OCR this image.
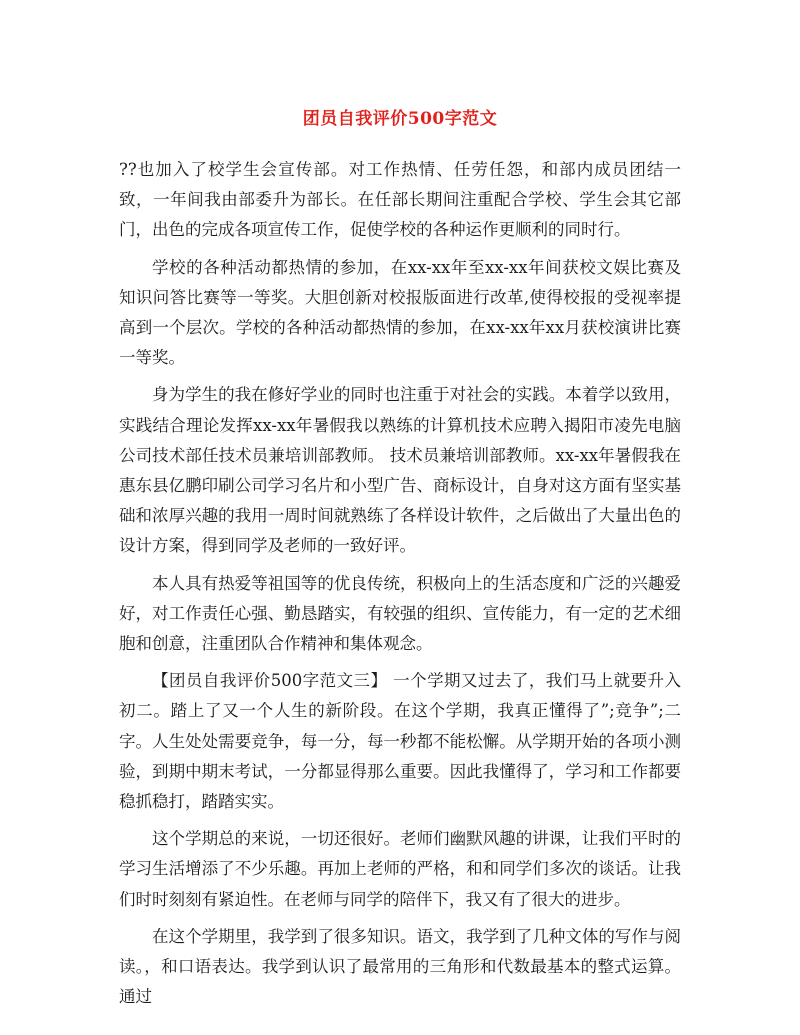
团员自我评价500字范文

??也加入了校学生会宣传部。对工作热情、任劳任怨，和部内成员团结一致，一年间我由部委升为部长。在任部长期间注重配合学校、学生会其它部门，出色的完成各项宣传工作，促使学校的各种运作更顺利的同时行。

学校的各种活动都热情的参加，在xx-xx年至xx-xx年间获校文娱比赛及知识问答比赛等一等奖。大胆创新对校报版面进行改革,使得校报的受视率提高到一个层次。学校的各种活动都热情的参加，在xx-xx年xx月获校演讲比赛一等奖。

身为学生的我在修好学业的同时也注重于对社会的实践。本着学以致用，实践结合理论发挥xx-xx年暑假我以熟练的计算机技术应聘入揭阳市凌先电脑公司技术部任技术员兼培训部教师。 技术员兼培训部教师。xx-xx年暑假我在惠东县亿鹏印刷公司学习名片和小型广告、商标设计，自身对这方面有坚实基础和浓厚兴趣的我用一周时间就熟练了各样设计软件，之后做出了大量出色的设计方案，得到同学及老师的一致好评。

本人具有热爱等祖国等的优良传统，积极向上的生活态度和广泛的兴趣爱好，对工作责任心强、勤恳踏实，有较强的组织、宣传能力，有一定的艺术细胞和创意，注重团队合作精神和集体观念。

【团员自我评价500字范文三】 一个学期又过去了，我们马上就要升入初二。踏上了又一个人生的新阶段。在这个学期，我真正懂得了”;竞争”;二字。人生处处需要竞争，每一分，每一秒都不能松懈。从学期开始的各项小测验，到期中期末考试，一分都显得那么重要。因此我懂得了，学习和工作都要稳抓稳打，踏踏实实。

这个学期总的来说，一切还很好。老师们幽默风趣的讲课，让我们平时的学习生活增添了不少乐趣。再加上老师的严格，和和同学们多次的谈话。让我们时时刻刻有紧迫性。在老师与同学的陪伴下，我又有了很大的进步。

在这个学期里，我学到了很多知识。语文，我学到了几种文体的写作与阅读。，和口语表达。我学到认识了最常用的三角形和代数最基本的整式运算。通过
